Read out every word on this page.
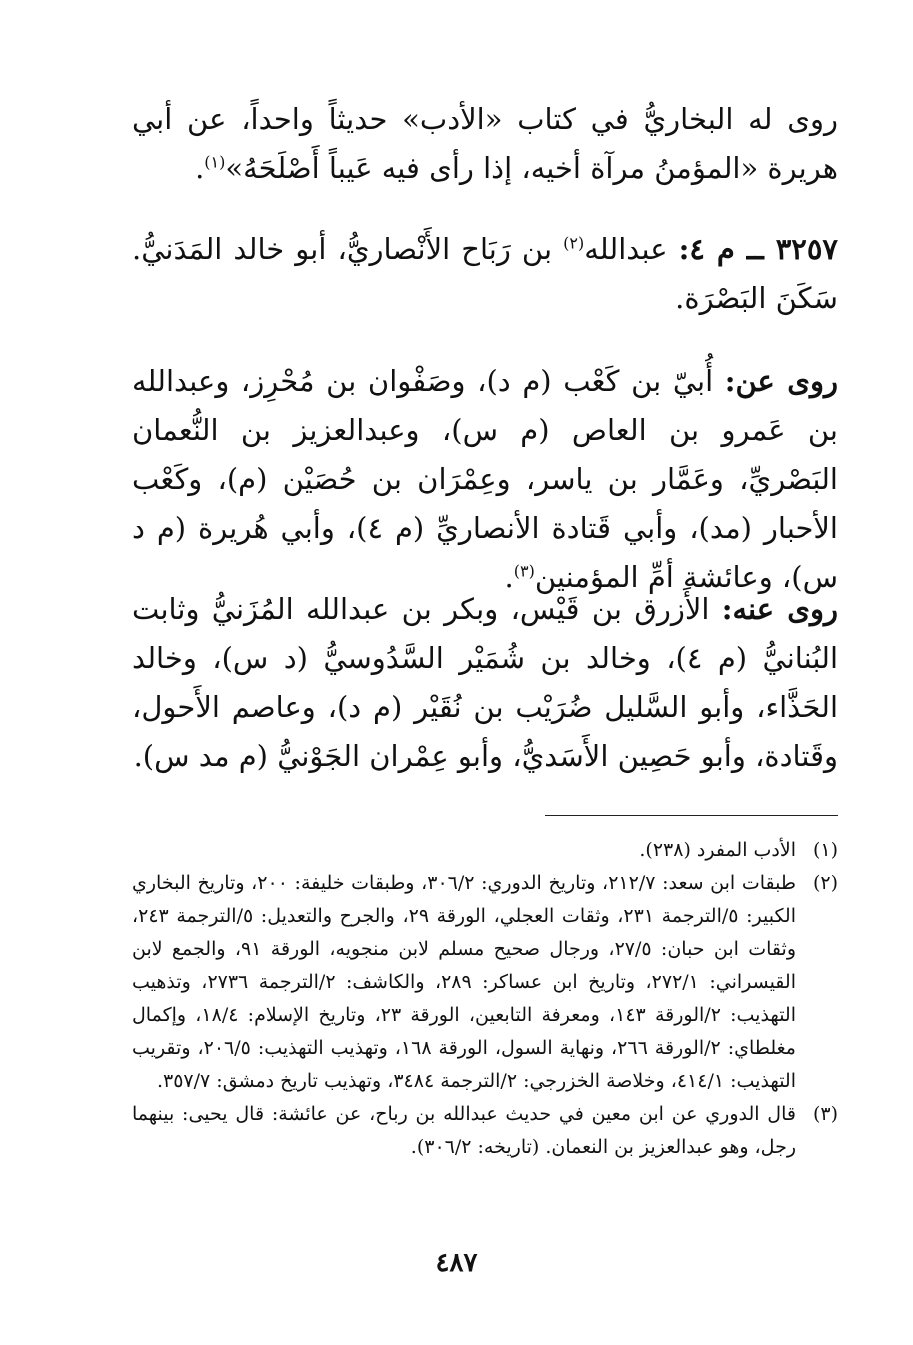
روى له البخاريُّ في كتاب «الأدب» حديثاً واحداً، عن أبي هريرة «المؤمنُ مرآة أخيه، إذا رأى فيه عَيباً أَصْلَحَهُ»$^{(١)}$.
٣٢٥٧ ــ م ٤: عبدالله$^{(٢)}$ بن رَبَاح الأَنْصاريُّ، أبو خالد المَدَنيُّ. سَكَنَ البَصْرَة.
روى عن: أُبيّ بن كَعْب (م د)، وصَفْوان بن مُحْرِز، وعبدالله بن عَمرو بن العاص (م س)، وعبدالعزيز بن النُّعمان البَصْريِّ، وعَمَّار بن ياسر، وعِمْرَان بن حُصَيْن (م)، وكَعْب الأحبار (مد)، وأبي قَتادة الأنصاريِّ (م ٤)، وأبي هُريرة (م د س)، وعائشة أمِّ المؤمنين$^{(٣)}$.
روى عنه: الأَزرق بن قَيْس، وبكر بن عبدالله المُزَنيُّ وثابت البُنانيُّ (م ٤)، وخالد بن شُمَيْر السَّدُوسيُّ (د س)، وخالد الحَذَّاء، وأبو السَّليل ضُرَيْب بن نُقَيْر (م د)، وعاصم الأَحول، وقَتادة، وأبو حَصِين الأَسَديُّ، وأبو عِمْران الجَوْنيُّ (م مد س).
(١)
الأدب المفرد (٢٣٨).
(٢)
طبقات ابن سعد: ٢١٢/٧، وتاريخ الدوري: ٣٠٦/٢، وطبقات خليفة: ٢٠٠، وتاريخ البخاري الكبير: ٥/الترجمة ٢٣١، وثقات العجلي، الورقة ٢٩، والجرح والتعديل: ٥/الترجمة ٢٤٣، وثقات ابن حبان: ٢٧/٥، ورجال صحيح مسلم لابن منجويه، الورقة ٩١، والجمع لابن القيسراني: ٢٧٢/١، وتاريخ ابن عساكر: ٢٨٩، والكاشف: ٢/الترجمة ٢٧٣٦، وتذهيب التهذيب: ٢/الورقة ١٤٣، ومعرفة التابعين، الورقة ٢٣، وتاريخ الإسلام: ١٨/٤، وإكمال مغلطاي: ٢/الورقة ٢٦٦، ونهاية السول، الورقة ١٦٨، وتهذيب التهذيب: ٢٠٦/٥، وتقريب التهذيب: ٤١٤/١، وخلاصة الخزرجي: ٢/الترجمة ٣٤٨٤، وتهذيب تاريخ دمشق: ٣٥٧/٧.
(٣)
قال الدوري عن ابن معين في حديث عبدالله بن رباح، عن عائشة: قال يحيى: بينهما رجل، وهو عبدالعزيز بن النعمان. (تاريخه: ٣٠٦/٢).
٤٨٧
